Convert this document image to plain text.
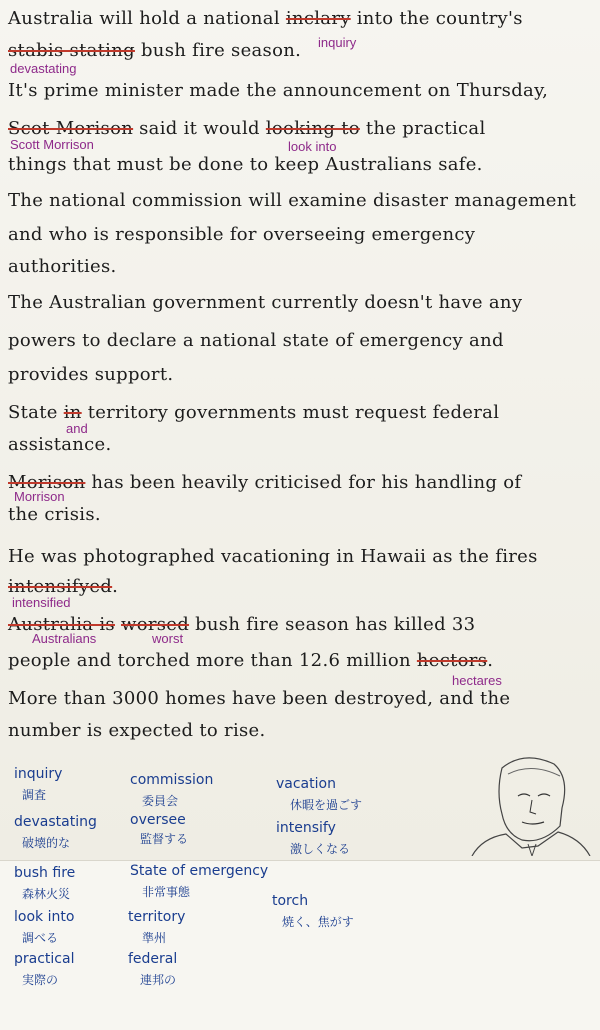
Australia will hold a national inclary into the country's
inquiry
stabis stating bush fire season.
devastating
It's prime minister made the announcement on Thursday,
Scot Morison said it would looking to the practical
Scott Morrison	look into
things that must be done to keep Australians safe.
The national commission will examine disaster management
and who is responsible for overseeing emergency
authorities.
The Australian government currently doesn't have any
powers to declare a national state of emergency and
provides support.
State in territory governments must request federal
and
assistance.
Morison has been heavily criticised for his handling of
Morrison
the crisis.
He was photographed vacationing in Hawaii as the fires
intensifyed.
intensified
Australia is worsed bush fire season has killed 33
Australians	worst
people and torched more than 12.6 million hectors.
hectares
More than 3000 homes have been destroyed, and the
number is expected to rise.
inquiry
調査
devastating
破壊的な
commission
委員会
oversee
監督する
vacation
休暇を過ごす
intensify
激しくなる
bush fire
森林火災
look into
調べる
practical
実際の
State of emergency
非常事態
territory
準州
federal
連邦の
torch
焼く、焦がす
